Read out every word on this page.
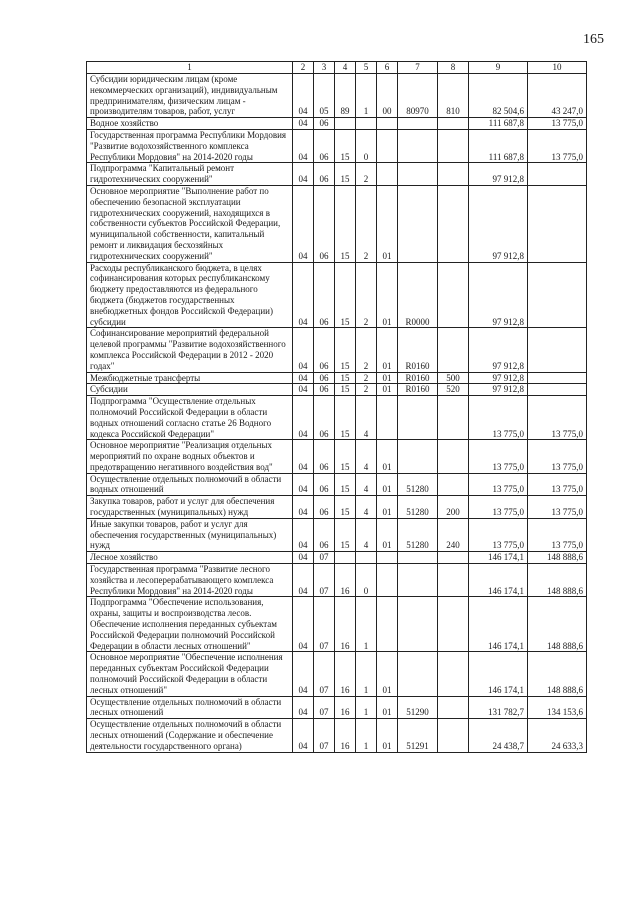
165
1	2	3	4	5	6	7	8	9	10
Субсидии юридическим лицам (кроме некоммерческих организаций), индивидуальным предпринимателям, физическим лицам - производителям товаров, работ, услуг	04	05	89	1	00	80970	810	82 504,6	43 247,0
Водное хозяйство	04	06						111 687,8	13 775,0
Государственная программа Республики Мордовия "Развитие водохозяйственного комплекса Республики Мордовия" на 2014-2020 годы	04	06	15	0				111 687,8	13 775,0
Подпрограмма "Капитальный ремонт гидротехнических сооружений"	04	06	15	2				97 912,8	
Основное мероприятие "Выполнение работ по обеспечению безопасной эксплуатации гидротехнических сооружений, находящихся в собственности субъектов Российской Федерации, муниципальной собственности, капитальный ремонт и ликвидация бесхозяйных гидротехнических сооружений"	04	06	15	2	01			97 912,8	
Расходы республиканского бюджета, в целях софинансирования которых республиканскому бюджету предоставляются из федерального бюджета (бюджетов государственных внебюджетных фондов Российской Федерации) субсидии	04	06	15	2	01	R0000		97 912,8	
Софинансирование мероприятий федеральной целевой программы "Развитие водохозяйственного комплекса Российской Федерации в 2012 - 2020 годах"	04	06	15	2	01	R0160		97 912,8	
Межбюджетные трансферты	04	06	15	2	01	R0160	500	97 912,8	
Субсидии	04	06	15	2	01	R0160	520	97 912,8	
Подпрограмма "Осуществление отдельных полномочий Российской Федерации в области водных отношений согласно статье 26 Водного кодекса Российской Федерации"	04	06	15	4				13 775,0	13 775,0
Основное мероприятие "Реализация отдельных мероприятий по охране водных объектов и предотвращению негативного воздействия вод"	04	06	15	4	01			13 775,0	13 775,0
Осуществление отдельных полномочий в области водных отношений	04	06	15	4	01	51280		13 775,0	13 775,0
Закупка товаров, работ и услуг для обеспечения государственных (муниципальных) нужд	04	06	15	4	01	51280	200	13 775,0	13 775,0
Иные закупки товаров, работ и услуг для обеспечения государственных (муниципальных) нужд	04	06	15	4	01	51280	240	13 775,0	13 775,0
Лесное хозяйство	04	07						146 174,1	148 888,6
Государственная программа "Развитие лесного хозяйства и лесоперерабатывающего комплекса Республики Мордовия" на 2014-2020 годы	04	07	16	0				146 174,1	148 888,6
Подпрограмма "Обеспечение использования, охраны, защиты и воспроизводства лесов. Обеспечение исполнения переданных субъектам Российской Федерации полномочий Российской Федерации в области лесных отношений"	04	07	16	1				146 174,1	148 888,6
Основное мероприятие "Обеспечение исполнения переданных субъектам Российской Федерации полномочий Российской Федерации в области лесных отношений"	04	07	16	1	01			146 174,1	148 888,6
Осуществление отдельных полномочий в области лесных отношений	04	07	16	1	01	51290		131 782,7	134 153,6
Осуществление отдельных полномочий в области лесных отношений (Содержание и обеспечение деятельности государственного органа)	04	07	16	1	01	51291		24 438,7	24 633,3
